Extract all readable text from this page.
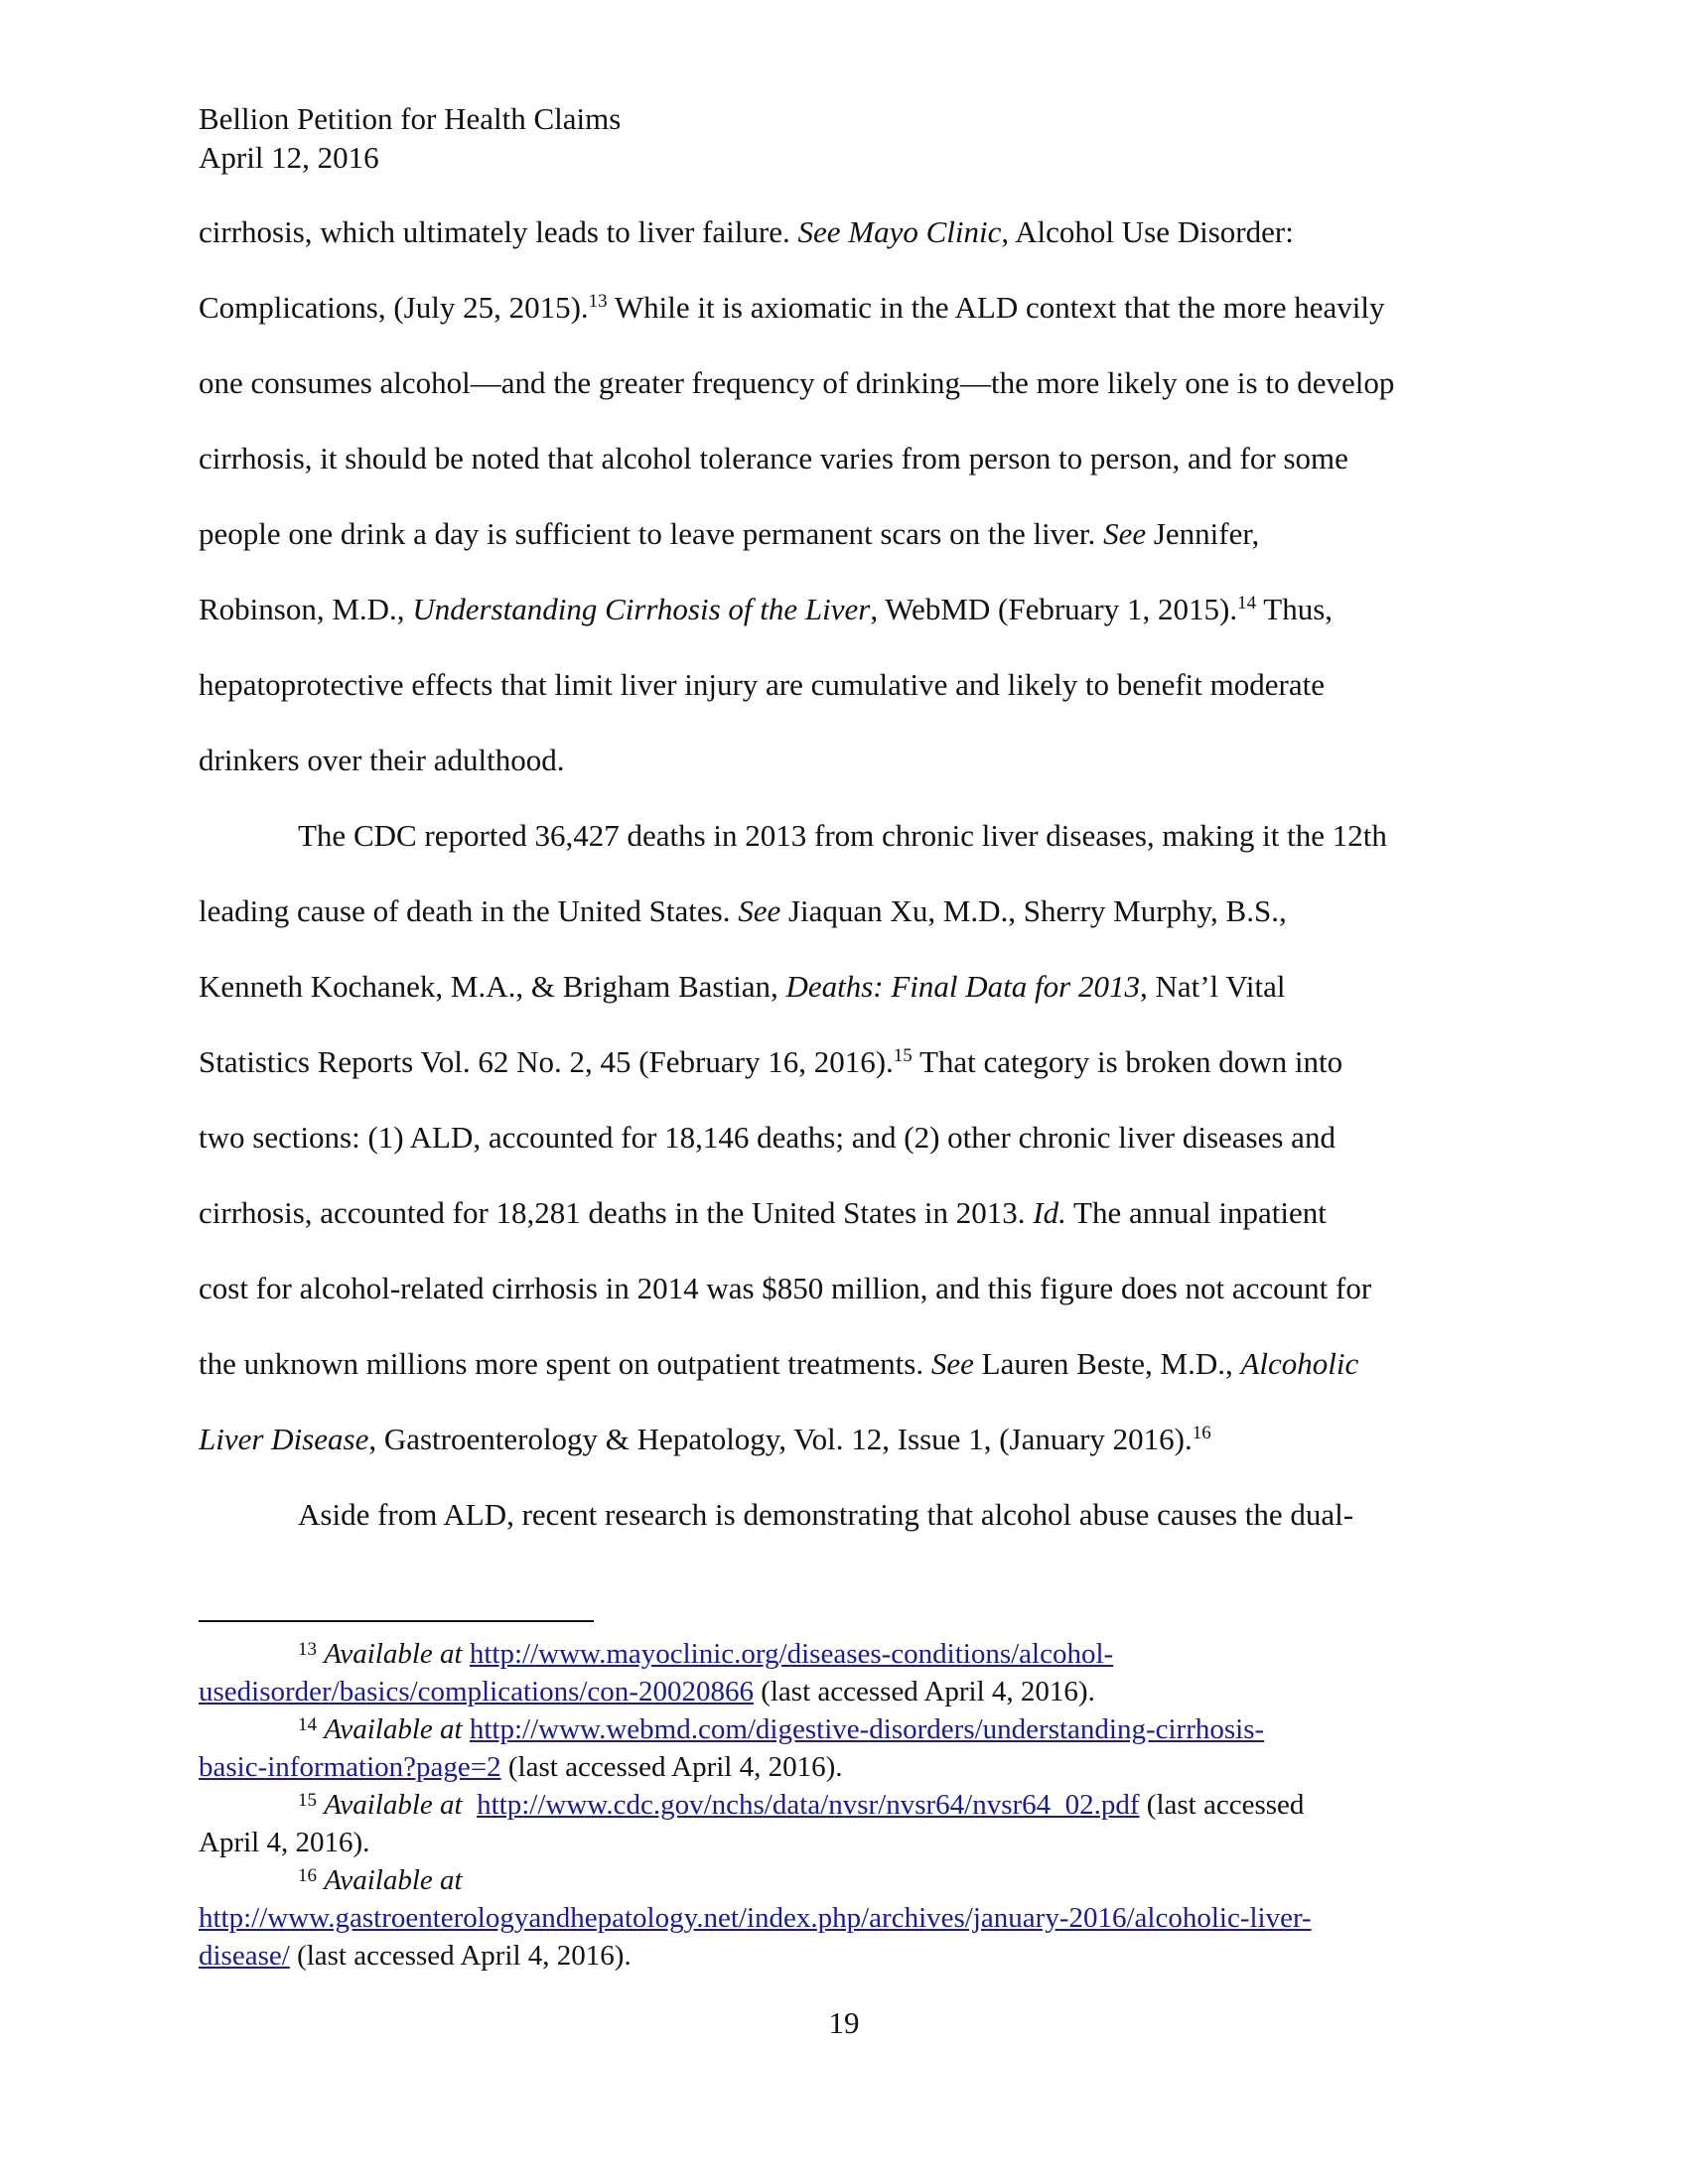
Bellion Petition for Health Claims
April 12, 2016
cirrhosis, which ultimately leads to liver failure. See Mayo Clinic, Alcohol Use Disorder:
Complications, (July 25, 2015).$^{13}$ While it is axiomatic in the ALD context that the more heavily
one consumes alcohol—and the greater frequency of drinking—the more likely one is to develop
cirrhosis, it should be noted that alcohol tolerance varies from person to person, and for some
people one drink a day is sufficient to leave permanent scars on the liver. See Jennifer,
Robinson, M.D., Understanding Cirrhosis of the Liver, WebMD (February 1, 2015).$^{14}$ Thus,
hepatoprotective effects that limit liver injury are cumulative and likely to benefit moderate
drinkers over their adulthood.
The CDC reported 36,427 deaths in 2013 from chronic liver diseases, making it the 12th
leading cause of death in the United States. See Jiaquan Xu, M.D., Sherry Murphy, B.S.,
Kenneth Kochanek, M.A., & Brigham Bastian, Deaths: Final Data for 2013, Nat’l Vital
Statistics Reports Vol. 62 No. 2, 45 (February 16, 2016).$^{15}$ That category is broken down into
two sections: (1) ALD, accounted for 18,146 deaths; and (2) other chronic liver diseases and
cirrhosis, accounted for 18,281 deaths in the United States in 2013. Id. The annual inpatient
cost for alcohol-related cirrhosis in 2014 was $850 million, and this figure does not account for
the unknown millions more spent on outpatient treatments. See Lauren Beste, M.D., Alcoholic
Liver Disease, Gastroenterology & Hepatology, Vol. 12, Issue 1, (January 2016).$^{16}$
Aside from ALD, recent research is demonstrating that alcohol abuse causes the dual-
$^{13}$ Available at http://www.mayoclinic.org/diseases-conditions/alcohol-
usedisorder/basics/complications/con-20020866 (last accessed April 4, 2016).
$^{14}$ Available at http://www.webmd.com/digestive-disorders/understanding-cirrhosis-
basic-information?page=2 (last accessed April 4, 2016).
$^{15}$ Available at http://www.cdc.gov/nchs/data/nvsr/nvsr64/nvsr64_02.pdf (last accessed
April 4, 2016).
$^{16}$ Available at
http://www.gastroenterologyandhepatology.net/index.php/archives/january-2016/alcoholic-liver-
disease/ (last accessed April 4, 2016).
19
